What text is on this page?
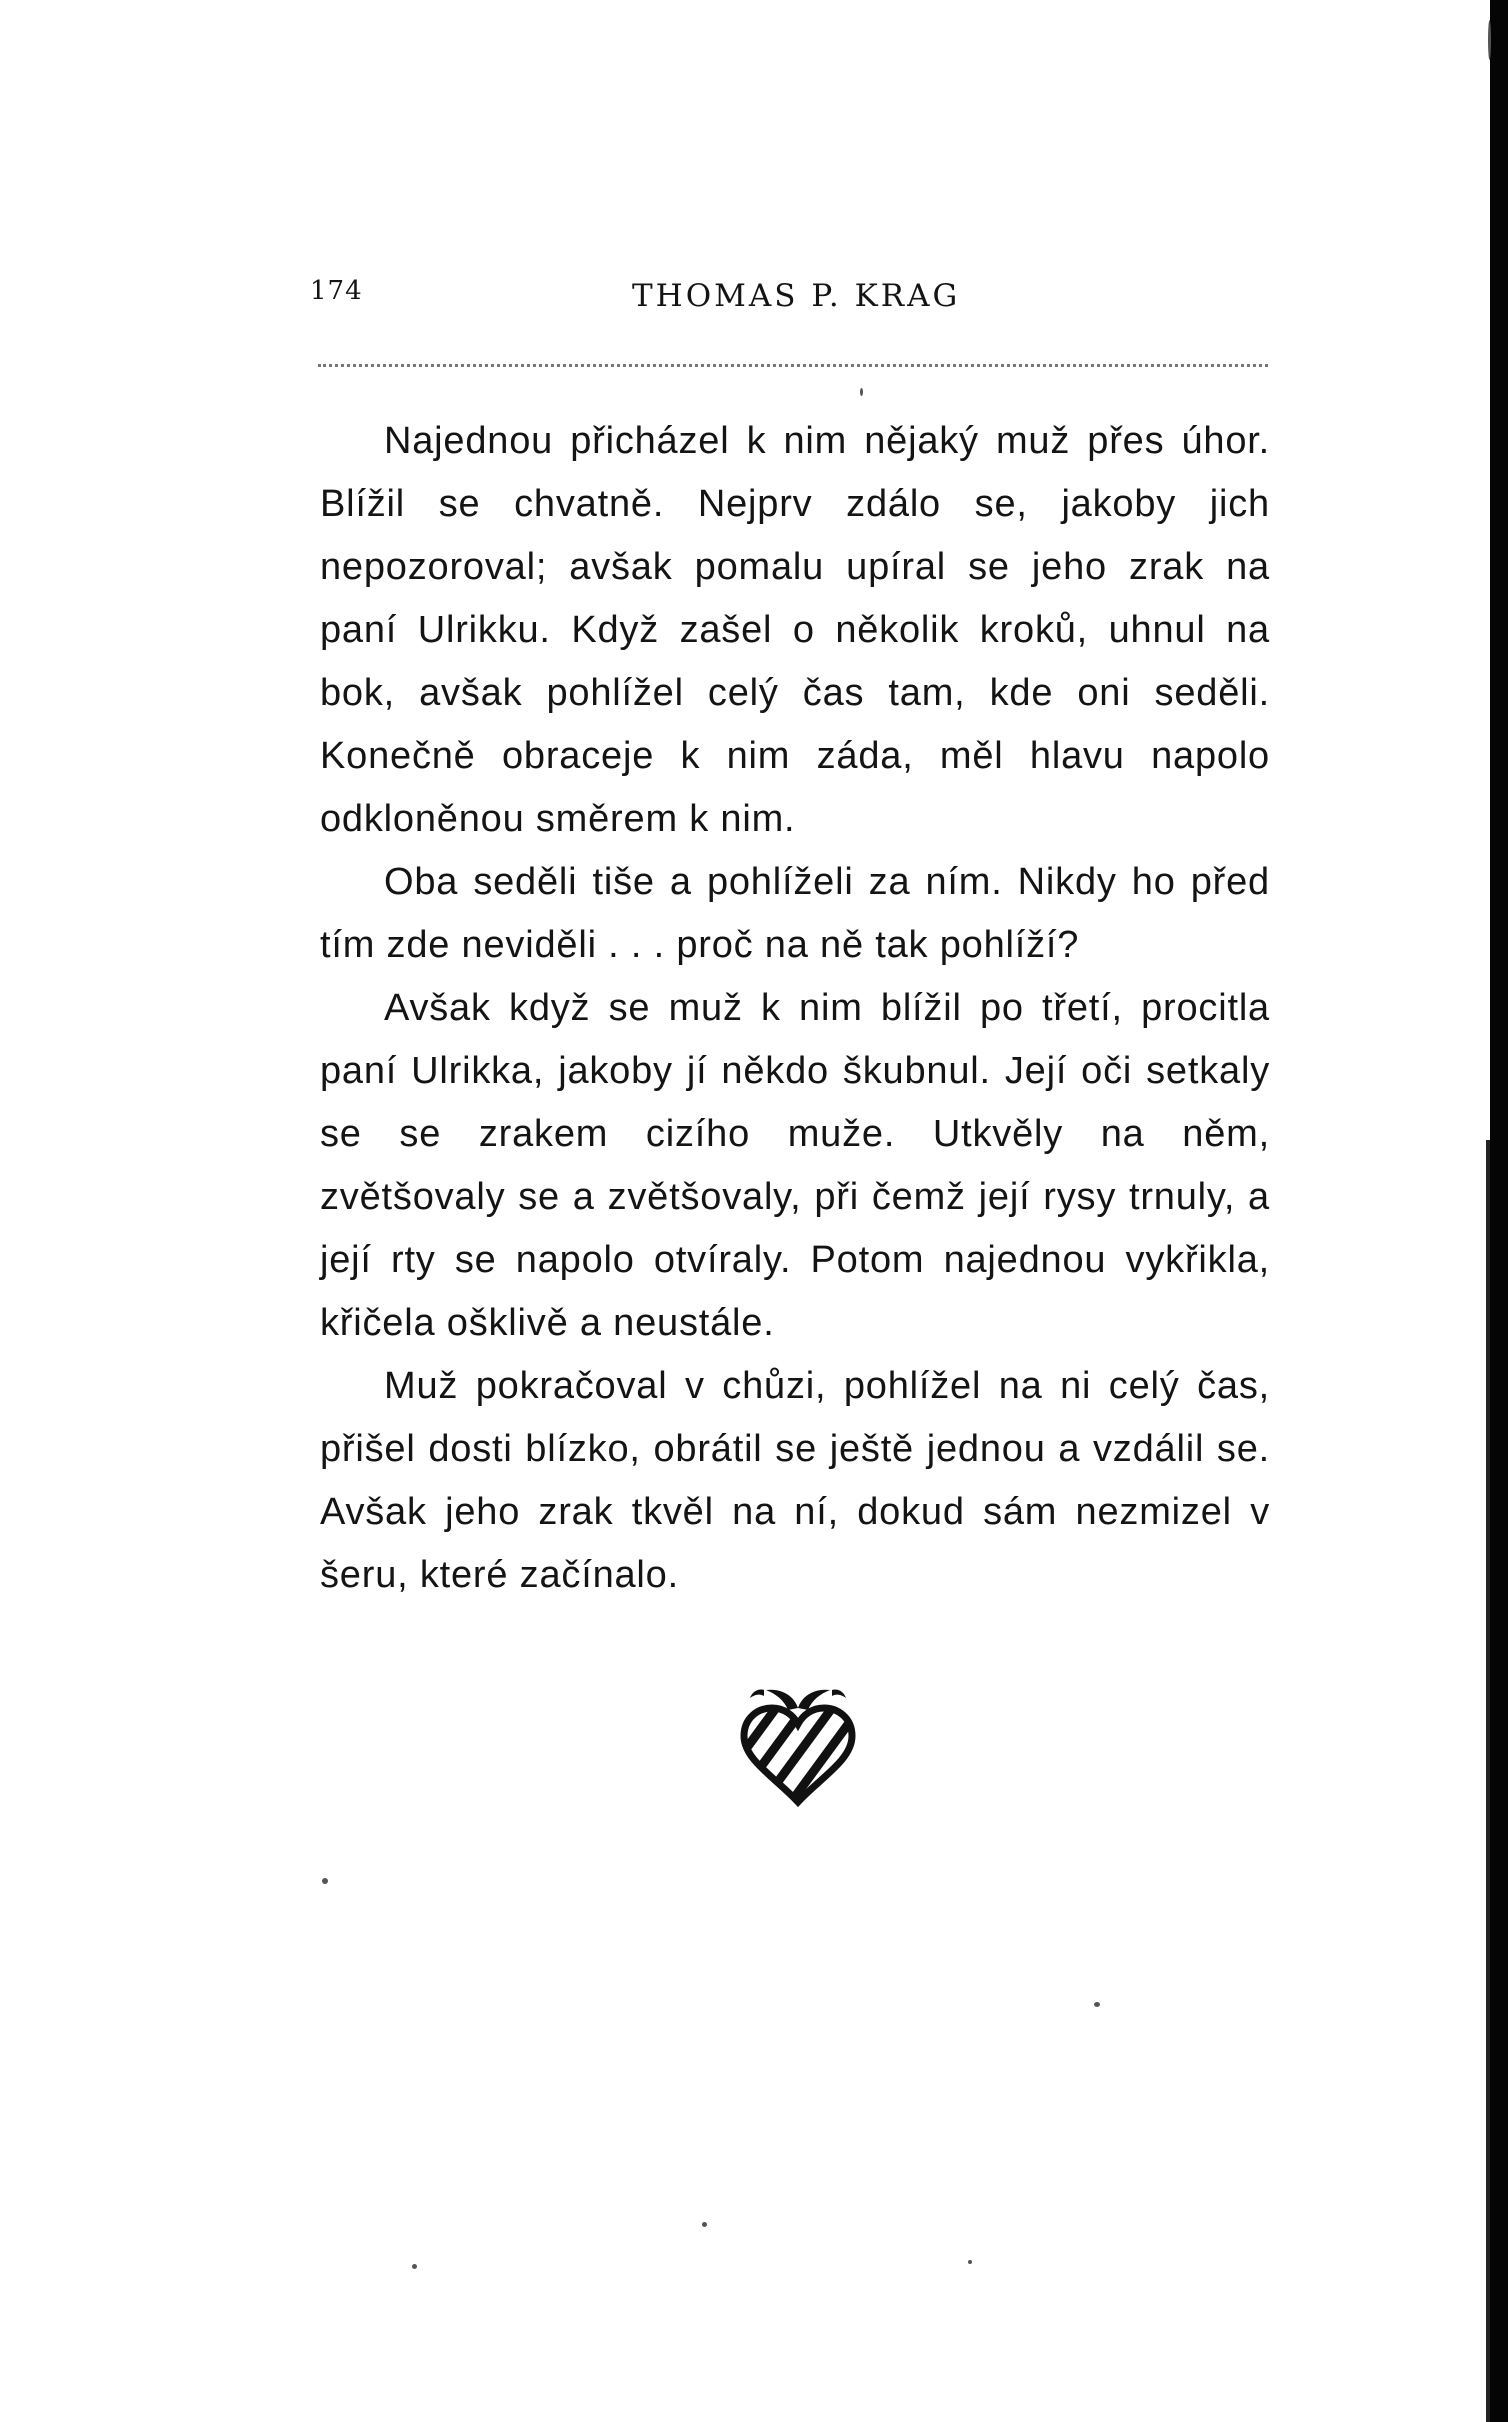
174	THOMAS P. KRAG

Najednou přicházel k nim nějaký muž přes úhor. Blížil se chvatně. Nejprv zdálo se, jakoby jich nepozoroval; avšak pomalu upíral se jeho zrak na paní Ulrikku. Když zašel o několik kroků, uhnul na bok, avšak pohlížel celý čas tam, kde oni seděli. Konečně obraceje k nim záda, měl hlavu napolo odkloněnou směrem k nim.

Oba seděli tiše a pohlíželi za ním. Nikdy ho před tím zde neviděli . . . proč na ně tak pohlíží?

Avšak když se muž k nim blížil po třetí, procitla paní Ulrikka, jakoby jí někdo škubnul. Její oči setkaly se se zrakem cizího muže. Utkvěly na něm, zvětšovaly se a zvětšovaly, při čemž její rysy trnuly, a její rty se napolo otvíraly. Potom najednou vykřikla, křičela ošklivě a neustále.

Muž pokračoval v chůzi, pohlížel na ni celý čas, přišel dosti blízko, obrátil se ještě jednou a vzdálil se. Avšak jeho zrak tkvěl na ní, dokud sám nezmizel v šeru, které začínalo.
